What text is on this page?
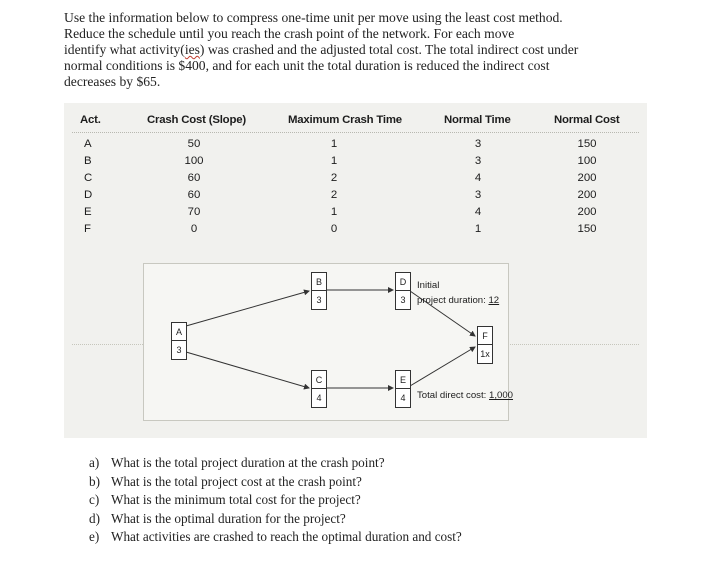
Use the information below to compress one-time unit per move using the least cost method.
Reduce the schedule until you reach the crash point of the network. For each move
identify what activity(ies) was crashed and the adjusted total cost. The total indirect cost under
normal conditions is $400, and for each unit the total duration is reduced the indirect cost
decreases by $65.
Act.	Crash Cost (Slope)	Maximum Crash Time	Normal Time	Normal Cost
A	50	1	3	150
B	100	1	3	100
C	60	2	4	200
D	60	2	3	200
E	70	1	4	200
F	0	0	1	150
A
3
B
3
C
4
D
3
E
4
F
1x
Initial
project duration: 12
Total direct cost: 1,000
a) What is the total project duration at the crash point?
b) What is the total project cost at the crash point?
c) What is the minimum total cost for the project?
d) What is the optimal duration for the project?
e) What activities are crashed to reach the optimal duration and cost?
